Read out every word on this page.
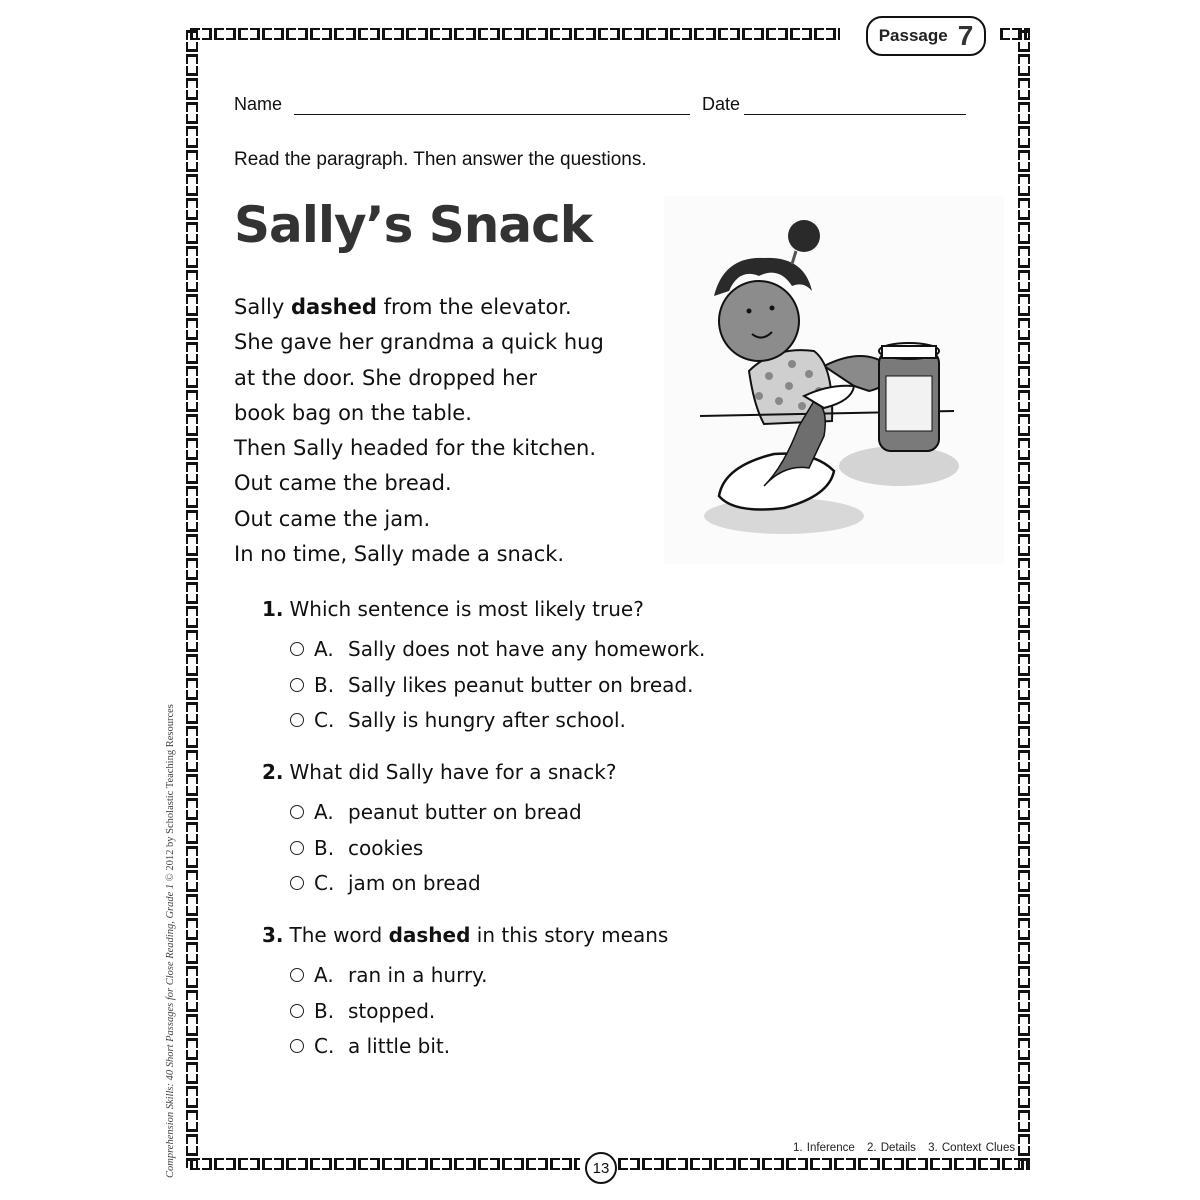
Passage 7
Name	Date
Read the paragraph. Then answer the questions.
Sally’s Snack
Sally dashed from the elevator.
She gave her grandma a quick hug
at the door. She dropped her
book bag on the table.
Then Sally headed for the kitchen.
Out came the bread.
Out came the jam.
In no time, Sally made a snack.
1. Which sentence is most likely true?
A. Sally does not have any homework.
B. Sally likes peanut butter on bread.
C. Sally is hungry after school.
2. What did Sally have for a snack?
A. peanut butter on bread
B. cookies
C. jam on bread
3. The word dashed in this story means
A. ran in a hurry.
B. stopped.
C. a little bit.
1. Inference 2. Details 3. Context Clues
13
Comprehension Skills: 40 Short Passages for Close Reading, Grade 1 © 2012 by Scholastic Teaching Resources
